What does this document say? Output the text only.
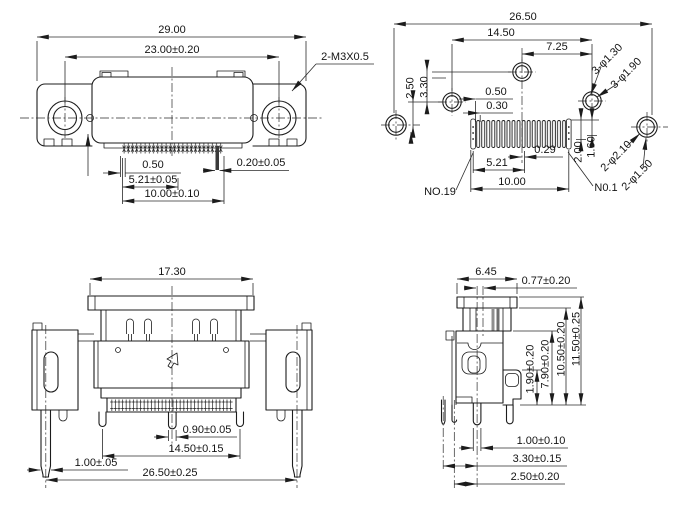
29.00
23.00±0.20
2-M3X0.5
0.50
5.21±0.05
10.00±0.10
0.20±0.05
26.50
14.50
7.25
2.50 3.30	0.50
0.30
0.29
5.21
10.00
NO.19	N0.1
2.00 1.60
3-φ1.30
3-φ1.90
2-φ2.10
2-φ1.50
17.30
0.90±0.05
14.50±0.15
1.00±.05
26.50±0.25
6.45
0.77±0.20
1.90±0.20 7.90±0.20 10.50±0.20 11.50±0.25
1.00±0.10
3.30±0.15
2.50±0.20
